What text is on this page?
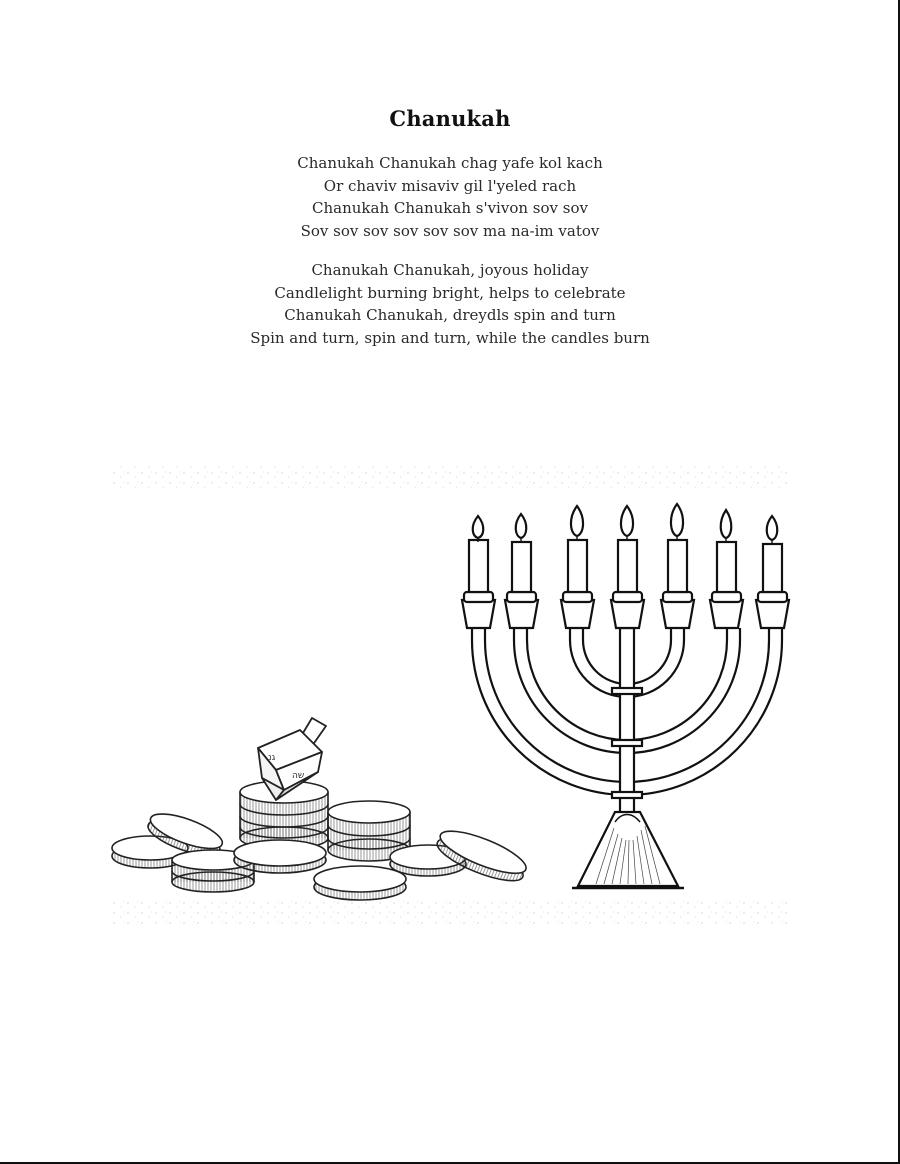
Chanukah
Chanukah Chanukah chag yafe kol kach
Or chaviv misaviv gil l'yeled rach
Chanukah Chanukah s'vivon sov sov
Sov sov sov sov sov sov ma na-im vatov
Chanukah Chanukah, joyous holiday
Candlelight burning bright, helps to celebrate
Chanukah Chanukah, dreydls spin and turn
Spin and turn, spin and turn, while the candles burn
גנ
שה
